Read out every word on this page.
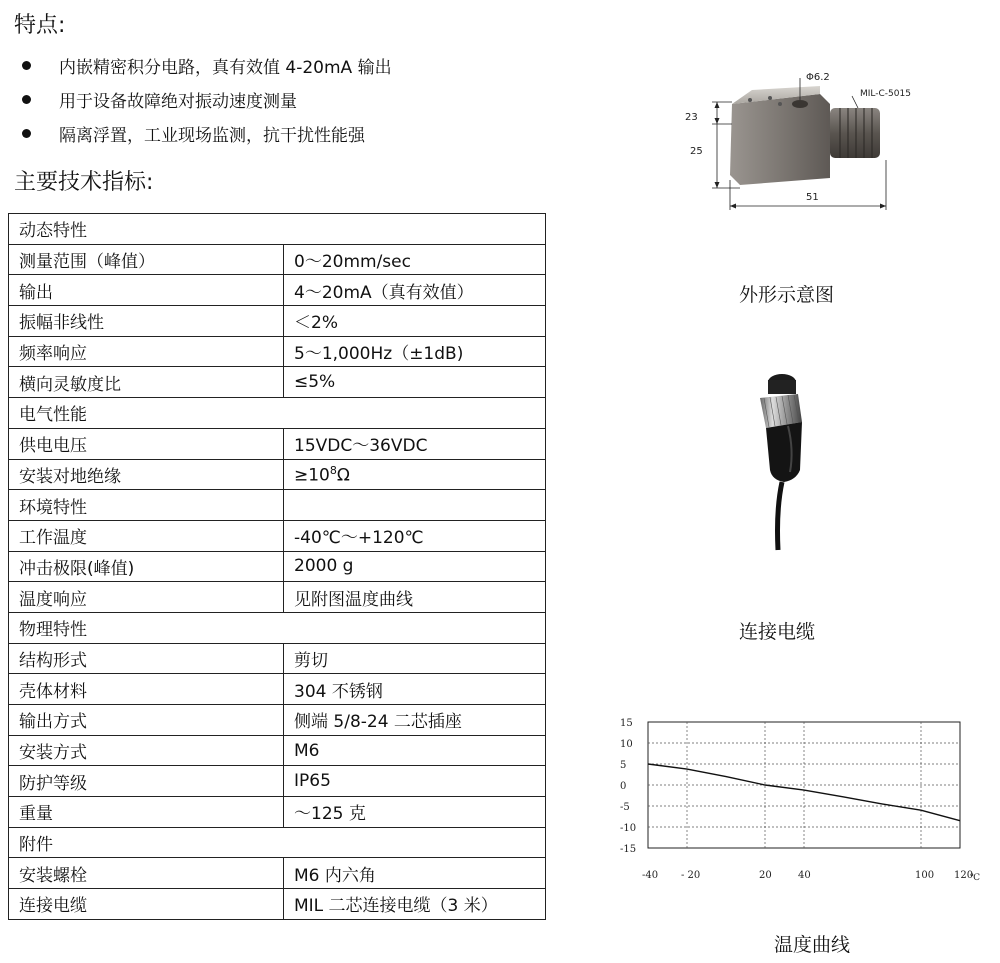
特点:
内嵌精密积分电路，真有效值 4-20mA 输出
用于设备故障绝对振动速度测量
隔离浮置，工业现场监测，抗干扰性能强
主要技术指标:
动态特性	
测量范围（峰值）	0～20mm/sec
输出	4～20mA（真有效值）
振幅非线性	＜2%
频率响应	5～1,000Hz（±1dB)
横向灵敏度比	≤5%
电气性能	
供电电压	15VDC～36VDC
安装对地绝缘	$\ge 10^8\Omega$
环境特性	
工作温度	-40℃～+120℃
冲击极限(峰值)	2000 g
温度响应	见附图温度曲线
物理特性	
结构形式	剪切
壳体材料	304 不锈钢
输出方式	侧端 5/8-24 二芯插座
安装方式	M6
防护等级	IP65
重量	～125 克
附件	
安装螺栓	M6 内六角
连接电缆	MIL 二芯连接电缆（3 米）
Φ6.2
MIL-C-5015
23
25
51
外形示意图
连接电缆
-40 - 20	20	40	100 120
15
10
5
0
-5
-10
-15
℃
温度曲线
